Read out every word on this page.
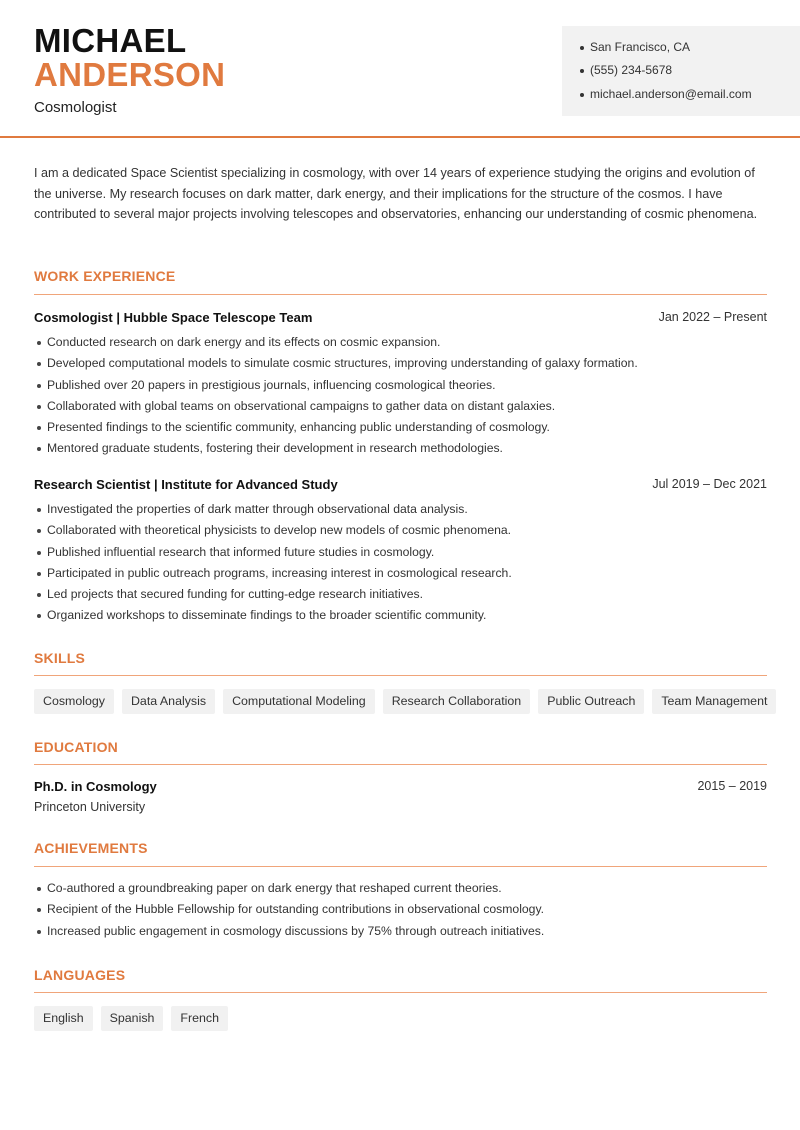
MICHAEL
ANDERSON
Cosmologist
San Francisco, CA
(555) 234-5678
michael.anderson@email.com
I am a dedicated Space Scientist specializing in cosmology, with over 14 years of experience studying the origins and evolution of the universe. My research focuses on dark matter, dark energy, and their implications for the structure of the cosmos. I have contributed to several major projects involving telescopes and observatories, enhancing our understanding of cosmic phenomena.
WORK EXPERIENCE
Cosmologist | Hubble Space Telescope Team	Jan 2022 – Present
Conducted research on dark energy and its effects on cosmic expansion.
Developed computational models to simulate cosmic structures, improving understanding of galaxy formation.
Published over 20 papers in prestigious journals, influencing cosmological theories.
Collaborated with global teams on observational campaigns to gather data on distant galaxies.
Presented findings to the scientific community, enhancing public understanding of cosmology.
Mentored graduate students, fostering their development in research methodologies.
Research Scientist | Institute for Advanced Study	Jul 2019 – Dec 2021
Investigated the properties of dark matter through observational data analysis.
Collaborated with theoretical physicists to develop new models of cosmic phenomena.
Published influential research that informed future studies in cosmology.
Participated in public outreach programs, increasing interest in cosmological research.
Led projects that secured funding for cutting-edge research initiatives.
Organized workshops to disseminate findings to the broader scientific community.
SKILLS
Cosmology	Data Analysis	Computational Modeling	Research Collaboration	Public Outreach	Team Management
EDUCATION
Ph.D. in Cosmology	2015 – 2019
Princeton University
ACHIEVEMENTS
Co-authored a groundbreaking paper on dark energy that reshaped current theories.
Recipient of the Hubble Fellowship for outstanding contributions in observational cosmology.
Increased public engagement in cosmology discussions by 75% through outreach initiatives.
LANGUAGES
English	Spanish	French
